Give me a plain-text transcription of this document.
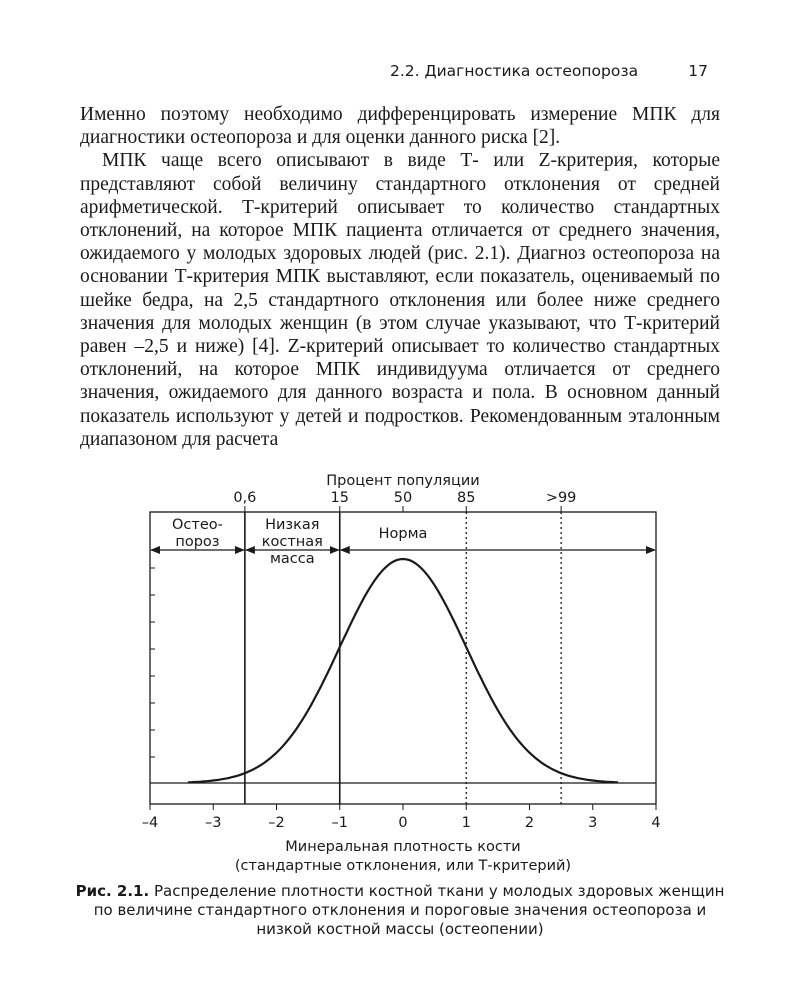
2.2. Диагностика остеопороза	17

Именно поэтому необходимо дифференцировать измерение МПК для диагностики остеопороза и для оценки данного риска [2].

МПК чаще всего описывают в виде Т- или Z-критерия, которые представляют собой величину стандартного отклонения от средней арифметической. Т-критерий описывает то количество стандартных отклонений, на которое МПК пациента отличается от среднего значения, ожидаемого у молодых здоровых людей (рис. 2.1). Диагноз остеопороза на основании Т-критерия МПК выставляют, если показатель, оцениваемый по шейке бедра, на 2,5 стандартного отклонения или более ниже среднего значения для молодых женщин (в этом случае указывают, что Т-критерий равен –2,5 и ниже) [4]. Z-критерий описывает то количество стандартных отклонений, на которое МПК индивидуума отличается от среднего значения, ожидаемого для данного возраста и пола. В основном данный показатель используют у детей и подростков. Рекомендованным эталонным диапазоном для расчета

Процент популяции
0,6	15	50	85	>99
Остео-
пороз
Низкая
костная
масса
Норма
–4	–3	–2	–1	0	1	2	3	4
Минеральная плотность кости
(стандартные отклонения, или Т-критерий)
Рис. 2.1. Распределение плотности костной ткани у молодых здоровых женщин по величине стандартного отклонения и пороговые значения остеопороза и низкой костной массы (остеопении)
